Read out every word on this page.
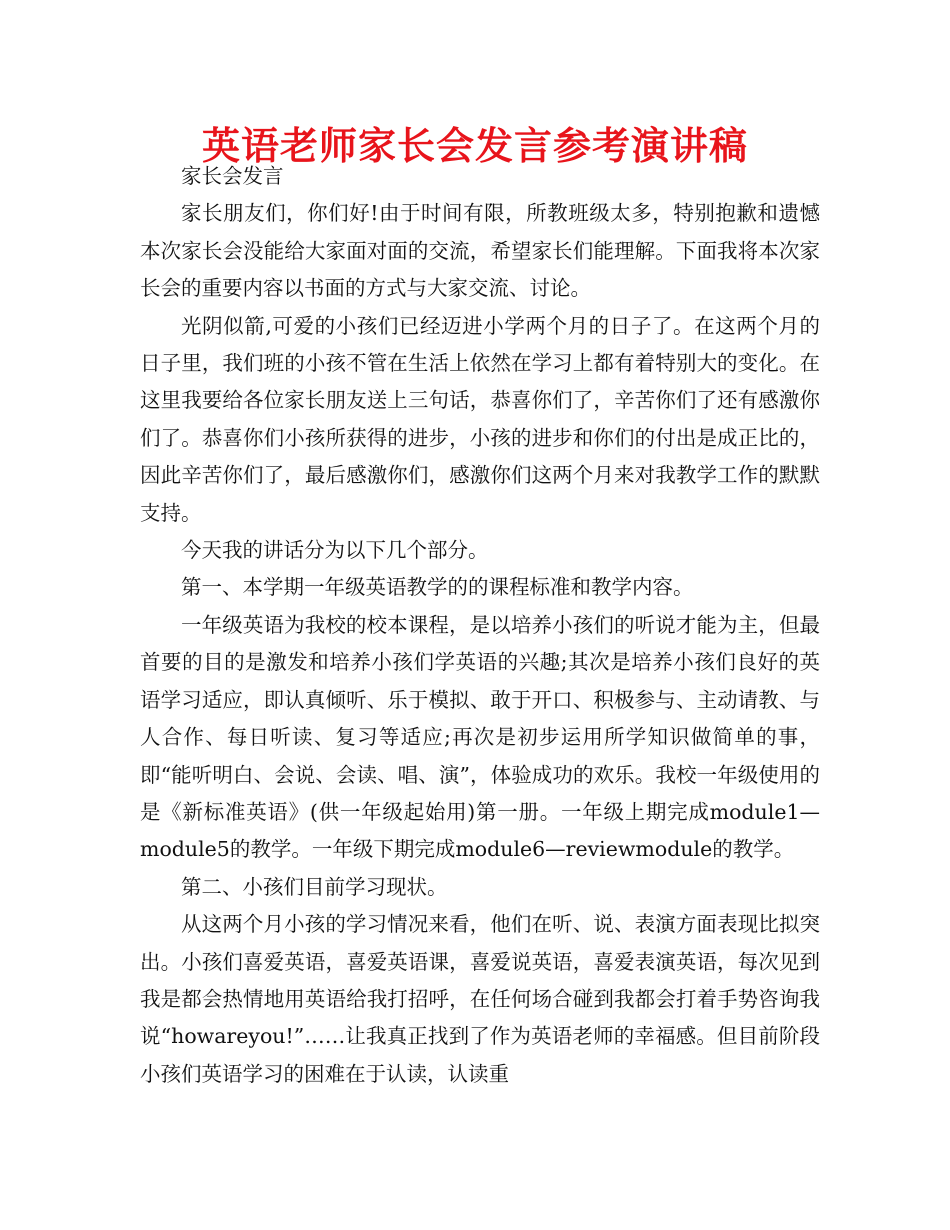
英语老师家长会发言参考演讲稿

家长会发言

家长朋友们，你们好!由于时间有限，所教班级太多，特别抱歉和遗憾本次家长会没能给大家面对面的交流，希望家长们能理解。下面我将本次家长会的重要内容以书面的方式与大家交流、讨论。

光阴似箭,可爱的小孩们已经迈进小学两个月的日子了。在这两个月的日子里，我们班的小孩不管在生活上依然在学习上都有着特别大的变化。在这里我要给各位家长朋友送上三句话，恭喜你们了，辛苦你们了还有感激你们了。恭喜你们小孩所获得的进步，小孩的进步和你们的付出是成正比的，因此辛苦你们了，最后感激你们，感激你们这两个月来对我教学工作的默默支持。

今天我的讲话分为以下几个部分。

第一、本学期一年级英语教学的的课程标准和教学内容。

一年级英语为我校的校本课程，是以培养小孩们的听说才能为主，但最首要的目的是激发和培养小孩们学英语的兴趣;其次是培养小孩们良好的英语学习适应，即认真倾听、乐于模拟、敢于开口、积极参与、主动请教、与人合作、每日听读、复习等适应;再次是初步运用所学知识做简单的事，即“能听明白、会说、会读、唱、演”，体验成功的欢乐。我校一年级使用的是《新标准英语》(供一年级起始用)第一册。一年级上期完成module1—module5的教学。一年级下期完成module6—reviewmodule的教学。

第二、小孩们目前学习现状。

从这两个月小孩的学习情况来看，他们在听、说、表演方面表现比拟突出。小孩们喜爱英语，喜爱英语课，喜爱说英语，喜爱表演英语，每次见到我是都会热情地用英语给我打招呼，在任何场合碰到我都会打着手势咨询我说“howareyou!”……让我真正找到了作为英语老师的幸福感。但目前阶段小孩们英语学习的困难在于认读，认读重
